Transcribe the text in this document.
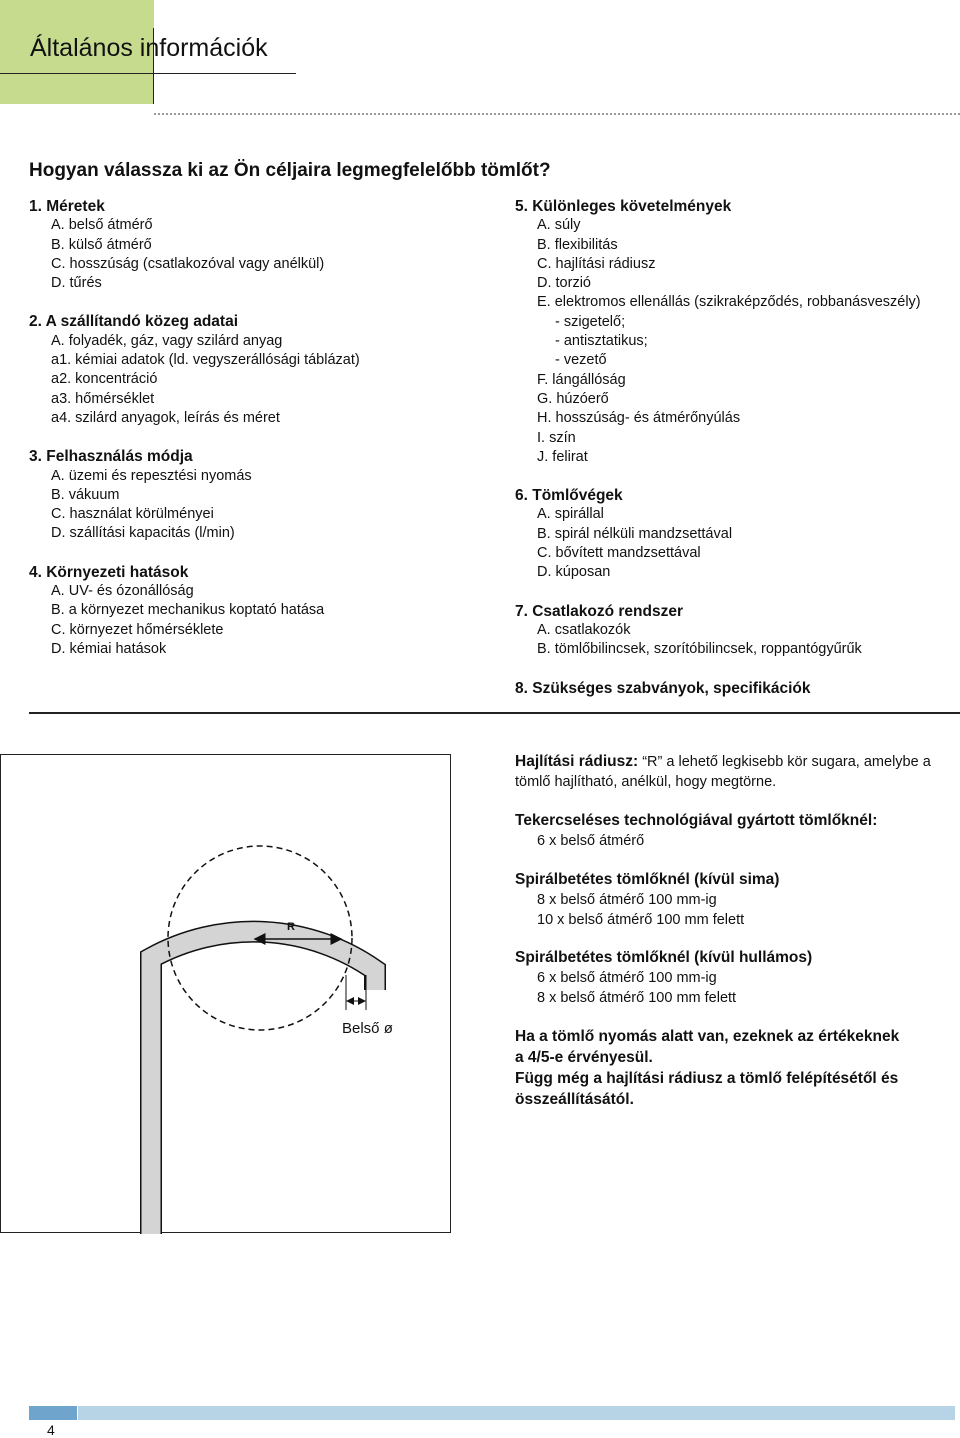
Általános információk
Hogyan válassza ki az Ön céljaira legmegfelelőbb tömlőt?
1. Méretek
A. belső átmérő
B. külső átmérő
C. hosszúság (csatlakozóval vagy anélkül)
D. tűrés
2. A szállítandó közeg adatai
A. folyadék, gáz, vagy szilárd anyag
a1. kémiai adatok (ld. vegyszerállósági táblázat)
a2. koncentráció
a3. hőmérséklet
a4. szilárd anyagok, leírás és méret
3. Felhasználás módja
A. üzemi és repesztési nyomás
B. vákuum
C. használat körülményei
D. szállítási kapacitás (l/min)
4. Környezeti hatások
A. UV- és ózonállóság
B. a környezet mechanikus koptató hatása
C. környezet hőmérséklete
D. kémiai hatások
5. Különleges követelmények
A. súly
B. flexibilitás
C. hajlítási rádiusz
D. torzió
E. elektromos ellenállás (szikraképződés, robbanásveszély)
- szigetelő;
- antisztatikus;
- vezető
F. lángállóság
G. húzóerő
H. hosszúság- és átmérőnyúlás
I. szín
J. felirat
6. Tömlővégek
A. spirállal
B. spirál nélküli mandzsettával
C. bővített mandzsettával
D. kúposan
7. Csatlakozó rendszer
A. csatlakozók
B. tömlőbilincsek, szorítóbilincsek, roppantógyűrűk
8. Szükséges szabványok, specifikációk
R
Belső ø
Hajlítási rádiusz: “R” a lehető legkisebb kör sugara, amelybe a tömlő hajlítható, anélkül, hogy megtörne.
Tekercseléses technológiával gyártott tömlőknél:
6 x belső átmérő
Spirálbetétes tömlőknél (kívül sima)
8 x belső átmérő 100 mm-ig
10 x belső átmérő 100 mm felett
Spirálbetétes tömlőknél (kívül hullámos)
6 x belső átmérő 100 mm-ig
8 x belső átmérő 100 mm felett
Ha a tömlő nyomás alatt van, ezeknek az értékeknek
a 4/5-e érvényesül.
Függ még a hajlítási rádiusz a tömlő felépítésétől és
összeállításától.
4
